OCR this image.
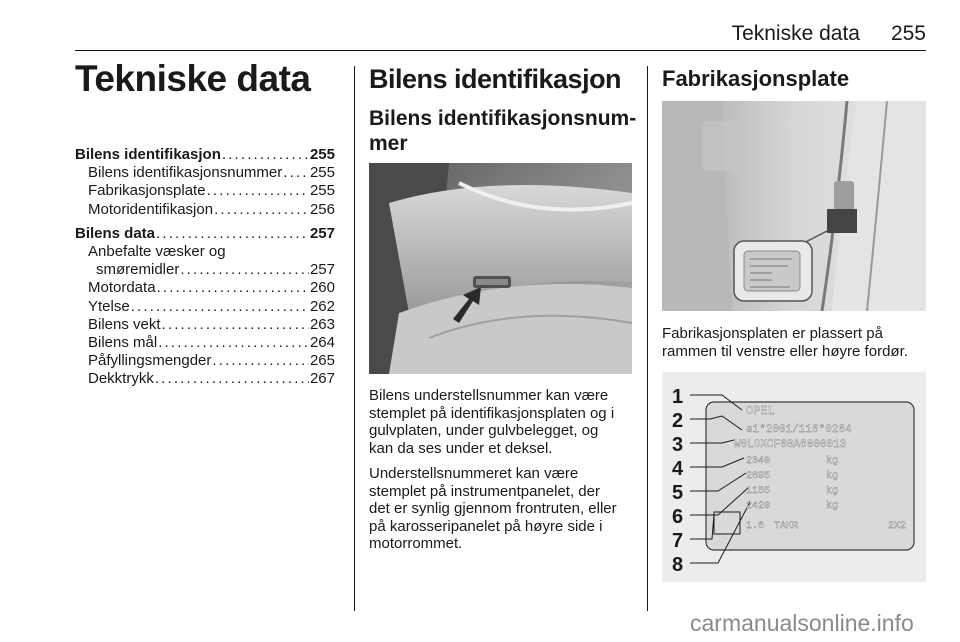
Tekniske data	255
Tekniske data
Bilens identifikasjon . . .	255
Bilens identifikasjonsnummer . . . 255
Fabrikasjonsplate . . .	255
Motoridentifikasjon . . .	256
Bilens data . . .	257
Anbefalte væsker og
smøremidler . . .	257
Motordata . . .	260
Ytelse . . .	262
Bilens vekt . . .	263
Bilens mål . . .	264
Påfyllingsmengder . . .	265
Dekktrykk . . .	267
Bilens identifikasjon
Bilens identifikasjonsnum-
mer
Bilens understellsnummer kan være
stemplet på identifikasjonsplaten og i
gulvplaten, under gulvbelegget, og
kan da ses under et deksel.
Understellsnummeret kan være
stemplet på instrumentpanelet, der
det er synlig gjennom frontruten, eller
på karosseripanelet på høyre side i
motorrommet.
Fabrikasjonsplate
Fabrikasjonsplaten er plassert på
rammen til venstre eller høyre fordør.
1
2
3
4
5
6
7
8
OPEL
e1*2001/116*0264
W0LOXCF68A6000013
2340
2895
1155
2420
kg
kg
kg
kg
1.6 TAKR	2X2
carmanualsonline.info
